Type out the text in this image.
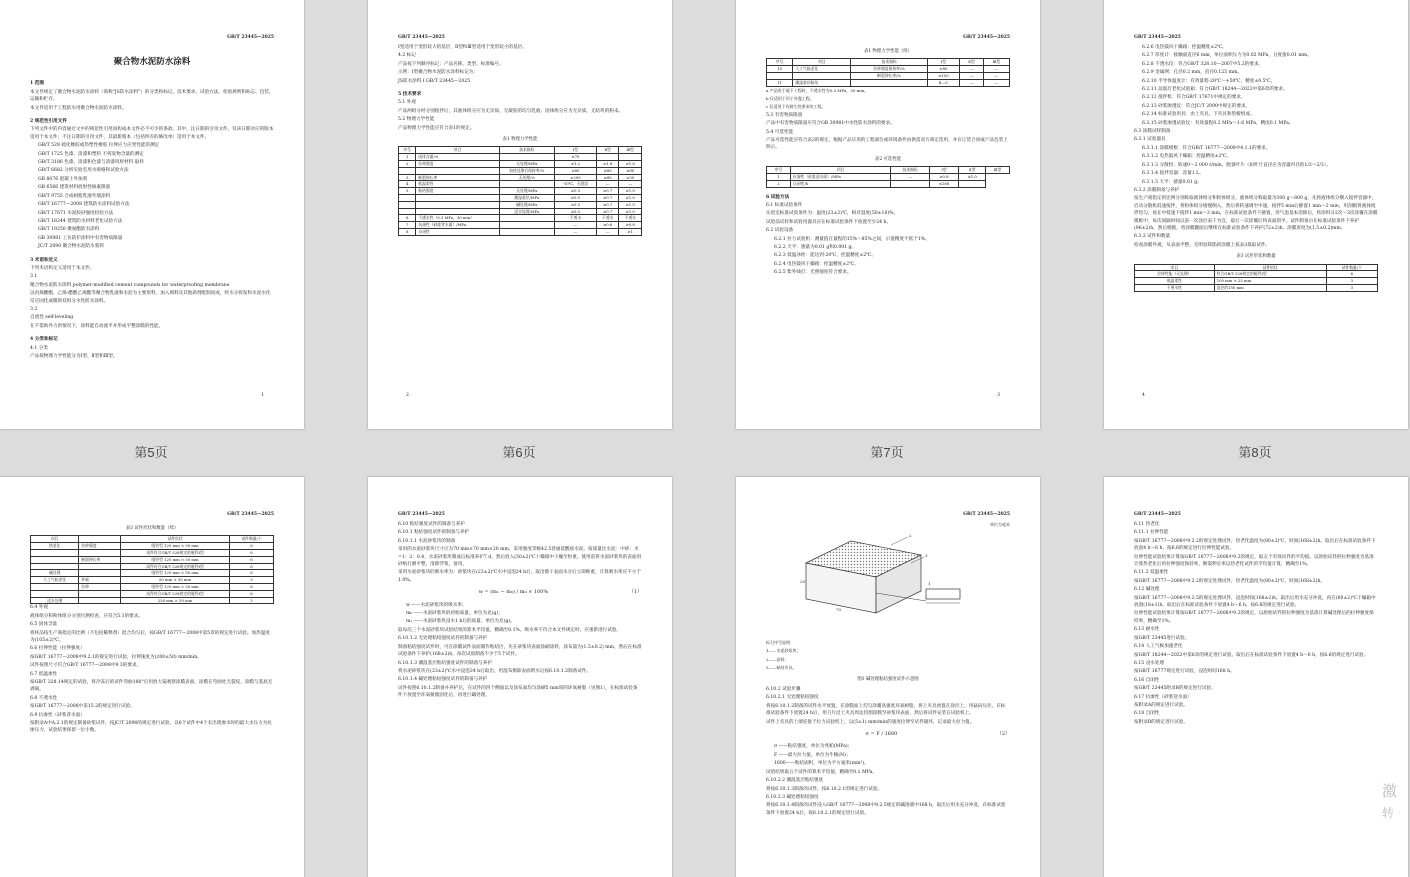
GB/T 23445—2025

聚合物水泥防水涂料

1 范围

本文件规定了聚合物水泥防水涂料（简称"JS防水涂料"）的分类和标记、技术要求、试验方法、检验规则和标志、包装、运输和贮存。

本文件适用于工程防水用聚合物水泥防水涂料。

2 规范性引用文件

下列文件中的内容通过文中的规范性引用而构成本文件必不可少的条款。其中，注日期的引用文件，仅该日期对应的版本适用于本文件；不注日期的引用文件，其最新版本（包括所有的修改单）适用于本文件。

GB/T 528 硫化橡胶或热塑性橡胶 拉伸应力应变性能的测定

GB/T 1725 色漆、清漆和塑料 不挥发物含量的测定

GB/T 3186 色漆、清漆和色漆与清漆用原材料 取样

GB/T 6682 分析实验室用水规格和试验方法

GB 8076 混凝土外加剂

GB 6566 建筑材料放射性核素限量

GB/T 9755 合成树脂乳液外墙涂料

GB/T 16777—2008 建筑防水涂料试验方法

GB/T 17671 水泥胶砂强度检验方法

GB/T 18244 建筑防水材料老化试验方法

GB/T 19250 聚氨酯防水涂料

GB 30981 工业防护涂料中有害物质限量

JC/T 2090 聚合物水泥防水浆料

3 术语和定义

下列术语和定义适用于本文件。

3.1

聚合物水泥防水涂料 polymer-modified cement compounds for waterproofing membrane

以丙烯酸酯、乙烯-醋酸乙烯酯等聚合物乳液和水泥为主要原料，加入填料及其他助剂配制而成，经水分挥发和水泥水化反应固化成膜的双组分水性防水涂料。

3.2

自流性 self-leveling

在不借助外力的情况下，涂料能自动流平并形成平整涂膜的性能。

4 分类和标记

4.1 分类

产品按物理力学性能分为Ⅰ型、Ⅱ型和Ⅲ型。

1
第5页
GB/T 23445—2025

Ⅰ型适用于变形较大的基层，Ⅱ型和Ⅲ型适用于变形较小的基层。

4.2 标记

产品按下列顺序标记：产品名称、类型、标准编号。

示例：Ⅰ型聚合物水泥防水涂料标记为：

JS防水涂料 Ⅰ GB/T 23445—2025

5 技术要求

5.1 外观

产品两组分经分别搅拌后，其液体组分应为无杂质、无凝胶的均匀乳液；固体组分应为无杂质、无结块的粉末。

5.2 物理力学性能

产品物理力学性能应符合表1的规定。

表1 物理力学性能

序号	项目	技术指标	Ⅰ型	Ⅱ型	Ⅲ型
1	固体含量/%		≥70		
2	拉伸强度	无处理/MPa	≥1.2	≥1.8	≥1.8
		加热处理后保持率/%	≥80	≥80	≥80
3	断裂伸长率	无处理/%	≥200	≥80	≥30
4	低温柔性		-10℃，无裂纹	—	—
5	粘结强度	无处理/MPa	≥0.5	≥0.7	≥1.0
		潮湿基层/MPa	≥0.5	≥0.7	≥1.0
		碱处理/MPa	≥0.5	≥0.7	≥1.0
		浸水处理/MPa	≥0.5	≥0.7	≥1.0
6	不透水性（0.3 MPa，30 min）		不透水	不透水	不透水
7	抗渗性（砂浆背水面）/MPa		—	≥0.6	≥0.8
8	自闭性		—	—	≥1
2
第6页
GB/T 23445—2025

表1 物理力学性能（续）

序号	项目	技术指标	Ⅰ型	Ⅱ型	Ⅲ型
10	人工气候老化	拉伸强度保持率/%	≥80	—	—
		断裂伸长率/%	≥150	—	—
11	潮湿基层粘结		Ⅱ—C	—	—

a 产品用于地下工程时，不透水性为0.3 MPa，30 min。

b 仅适用于用于外露工程。

c 仅适用于有耐久性要求的工程。

5.3 有害物质限量

产品中有害物质限量应符合GB 30981中水性防水涂料的要求。

5.4 可选性能

产品可选性能应符合表2的规定，根据产品应用的工程部位或环境条件由供需双方商定选用，并在订货合同或产品包装上明示。

表2 可选性能

序号	项目	技术指标	Ⅰ型	Ⅱ型	Ⅲ型
1	抗渗性（砂浆迎水面）/MPa	—	≥0.8	≥1.0	
2	自闭性/h		≤168		

6 试验方法

6.1 标准试验条件

实验室标准试验条件为：温度(23±2)℃，相对湿度(50±10)%。

试验前试样和试验用器具应在标准试验条件下放置至少24 h。

6.2 试验设备

6.2.1 拉力试验机：测量值在量程的15%～85%之间，示值精度不低于1%。

6.2.2 天平：感量为0.01 g和0.001 g。

6.2.3 低温冰柜：能达到-20℃，控温精度±2℃。

6.2.4 电热鼓风干燥箱：控温精度±2℃。

6.2.5 紫外线灯：光照强度符合要求。

3
第7页
GB/T 23445—2025

6.2.6 电热鼓风干燥箱：控温精度±2℃。

6.2.7 厚度计：接触面直径6 mm，单位面积压力为0.02 MPa，分度值0.01 mm。

6.2.8 不透水仪：符合GB/T 328.10—2007中5.2的要求。

6.2.9 金属网：孔径0.2 mm，直径0.125 mm。

6.2.10 半导体温度计：有效量程-20℃～+50℃，精度±0.5℃。

6.2.11 氙弧灯老化试验箱：符合GB/T 18244—2022中第6章的要求。

6.2.12 搅拌机：符合GB/T 17671中规定的要求。

6.2.13 砂浆渗透仪：符合JC/T 2090中规定的要求。

6.2.14 标准试验用具：由上夹具、下夹具和垫板组成。

6.2.15 砂浆渗透试验仪：有效量程0.2 MPa～1.6 MPa，精度0.1 MPa。

6.3 涂膜试样制备

6.3.1 试验器具

6.3.1.1 涂膜模框：符合GB/T 16777—2008中4.1.1的要求。

6.3.1.2 电热鼓风干燥箱：控温精度±2℃。

6.3.1.3 分散机：转速0～2 000 r/min，配备叶片（如叶片直径应为容器内径的1/2～2/3）。

6.3.1.4 搅拌容器：容量1 L。

6.3.1.5 天平：感量0.01 g。

6.3.2 涂膜制备与养护

按生产商指定的比例分别称取液体组分和粉体组分，液体组分称取量为300 g～800 g，先将液体组分倒入搅拌容器中，启动分散机低速搅拌，将粉体组分缓慢倒入，然后将转速调至中速，搅拌5 min后静置1 min～2 min，用刮板将液体搅拌均匀，再在中低速下搅拌1 min～3 min，在标准试验条件下静置，待气泡基本消除后，将涂料分2次～3次涂覆在涂膜模框中，每次间隔时间以前一次涂层表干为宜，最后一次涂覆后将表面刮平。试件制备后在标准试验条件下养护(96±2)h，然后脱模，将涂膜翻面后继续在标准试验条件下养护(72±2)h。涂膜厚度为(1.5±0.2)mm。

6.3.3 试件和数量

检查涂膜外观，从表面平整、无明显缺陷的涂膜上按表3裁取试件。

表3 试件形状和数量

项目	试件形状	试件数量/个
拉伸性能（无处理）	符合GB/T 528规定的哑铃Ⅰ型	6
低温柔性	100 mm × 25 mm	3
不透水性	直径约150 mm	3
4
第8页
GB/T 23445—2025

表3 试件形状和数量（续）

项目		试件形状	试件数量/个
热老化	拉伸强度	哑铃型 120 mm × 50 mm	6
		试件符合GB/T 528规定的哑铃Ⅰ型	6
	断裂伸长率	哑铃型 120 mm × 50 mm	6
		试件符合GB/T 528规定的哑铃Ⅰ型	6
碱处理		哑铃型 120 mm × 50 mm	6
人工气候老化	外观	50 mm × 50 mm	3
	拉伸	哑铃型 120 mm × 50 mm	6
		试件符合GB/T 528规定的哑铃Ⅰ型	6
浸水处理		250 mm × 50 mm	3

6.4 外观

液体组分和粉体组分分别目测检查，应符合5.1的要求。

6.5 固体含量

将样品按生产商指定的比例（不包括稀释剂）混合均匀后，按GB/T 16777—2008中第5章的规定进行试验。加热温度为(105±2)℃。

6.6 拉伸性能（拉伸强度）

按GB/T 16777—2008中9.2.1的规定进行试验，拉伸速度为(200±50) mm/min。

试件按照尺寸符合GB/T 16777—2008中9.3的要求。

6.7 低温柔性

按GB/T 328.14规定的试验，将冷冻后的试件弯曲180°后用放大镜观察涂膜表面，涂膜在弯曲处无裂纹，涂膜与基底无剥离。

6.8 不透水性

按GB/T 16777—2008中第15.2的规定进行试验。

6.9 抗渗性（砂浆背水面）

按附录A中A.2.1的规定制备砂浆试件，按JC/T 2090的规定进行试验，以6个试件中4个未出现渗水时的最大水压力为抗渗压力，试验结果保留一位小数。

GB/T 23445—2025

6.10 粘结强度试件的制备与养护

6.10.1 粘结强度试件的制备与养护

6.10.1.1 水泥砂浆块的制备

采用的水泥砂浆块尺寸应为70 mm×70 mm×20 mm，采用强度等级42.5普通硅酸盐水泥，按质量比水泥：中砂：水=1：2：0.4，水泥砂浆块制成后标准养护7 d，然后放入(50±2)℃干燥箱中干燥至恒重。使用前将水泥砂浆块的表面用砂纸打磨平整，清除浮浆，备用。

采用水泥砂浆块的吸水率为：砂浆块在(23±2)℃水中浸泡24 h后，取出擦干表面水分后立即称重，计算吸水率应不小于1.0%。

w = (m₁ − m₀) / m₀ × 100%	（1）

w ——水泥砂浆块的吸水率；

m₀ ——水泥砂浆块的初始质量，单位为克(g)；

m₁ ——水泥砂浆块浸水1 h后的质量，单位为克(g)。

取每次三个水泥砂浆块试验结果的算术平均值，精确至0.1%。吸水率不符合本文件规定时，应重新进行试验。

6.10.1.2 无处理粘结强度试件的制备与养护

制备粘结强度试件时，可在涂膜试件表面制作粘结区，先在砂浆块表面涂刷涂料，涂布量为(1.5±0.2) mm，然后在标准试验条件下养护(168±2)h，每次试验制备不少于5个试件。

6.10.1.3 潮湿基层粘结强度试件的制备与养护

将水泥砂浆块在(23±2)℃水中浸泡24 h后取出，用湿布擦除表面明水后按6.10.1.2制备试件。

6.10.1.4 碱处理粘结强度试件的制备与养护

试件按照6.10.1.2制备并养护后，在试件的四个侧面以及涂布面均匀涂刷5 mm厚的环氧树脂（见图1），在标准试验条件下放置至环氧树脂固化后，再进行碱处理。

GB/T 23445—2025
单位为毫米
1
2
3
70
20

标引序号说明：

1——水泥砂浆块；

2——涂料；

3——粘结夹具。

图1 碱处理粘结强度试件示意图

6.10.2 试验步骤

6.10.2.1 无处理粘结强度

将按6.10.1.2制备的试件水平放置，在涂膜面上均匀涂覆高强度环氧树脂，将上夹具放置在涂层上，用砝码压住，在标准试验条件下放置24 h后，用刀片沿上夹具周边切割涂膜至砂浆块表面，然后将试件安装在试验机上。

试件上夹具的上端连接于拉力试验机上，以(5±1) mm/min的速度拉伸至试件破坏，记录最大拉力值。

σ = F / 1600	（2）

σ ——粘结强度，单位为兆帕(MPa)；

F ——最大拉力值，单位为牛顿(N)；

1600——粘结面积，单位为平方毫米(mm²)。

试验结果取五个试件的算术平均值，精确至0.1 MPa。

6.10.2.2 潮湿基层粘结强度

将按6.10.1.3制备的试件，按6.10.2.1的规定进行试验。

6.10.2.3 碱处理粘结强度

将按6.10.1.4制备的试件浸入GB/T 16777—2008中9.2.5规定的碱溶液中168 h，取出后用水充分冲洗，在标准试验条件下放置24 h后，按6.10.2.1的规定进行试验。

GB/T 23445—2025

6.11 热老化

6.11.1 拉伸性能

按GB/T 16777—2008中9.2.2的规定处理试件，热老化温度为(80±2)℃，时间(168±2)h。取出后在标准试验条件下放置4 h～6 h，按6.6的规定进行拉伸性能试验。

拉伸性能试验结果计算按GB/T 16777—2008中9.3的规定，取五个有效试件的平均值。以原始试件的拉伸强度为基准计算热老化后的拉伸强度保持率，断裂伸长率以热老化试件的平均值计算，精确至1%。

6.11.2 低温柔性

按GB/T 16777—2008中9.2.2的规定处理试件，热老化温度为(80±2)℃，时间(168±2)h。

6.12 碱处理

按GB/T 16777—2008中9.2.5的规定处理试件，浸泡时间(168±2)h。取出后用水充分冲洗，再在(60±2)℃干燥箱中放置(18±1)h，取出后在标准试验条件下放置4 h～6 h，按6.6的规定进行试验。

拉伸性能试验结果计算按GB/T 16777—2008中9.3的规定，以原始试件的拉伸强度为基准计算碱处理后的拉伸强度保持率，精确至1%。

6.13 耐水性

按GB/T 23445进行试验。

6.14 人工气候加速老化

按GB/T 18244—2022中第6章的规定进行试验。取出后在标准试验条件下放置4 h～6 h，按6.6的规定进行试验。

6.15 浸水处理

按GB/T 16777规定进行试验，浸泡时间168 h。

6.16 自闭性

按GB/T 23445附录B的规定进行试验。

6.17 抗渗性（砂浆迎水面）

按附录A的规定进行试验。

6.18 自闭性

按附录B的规定进行试验。

激
转
